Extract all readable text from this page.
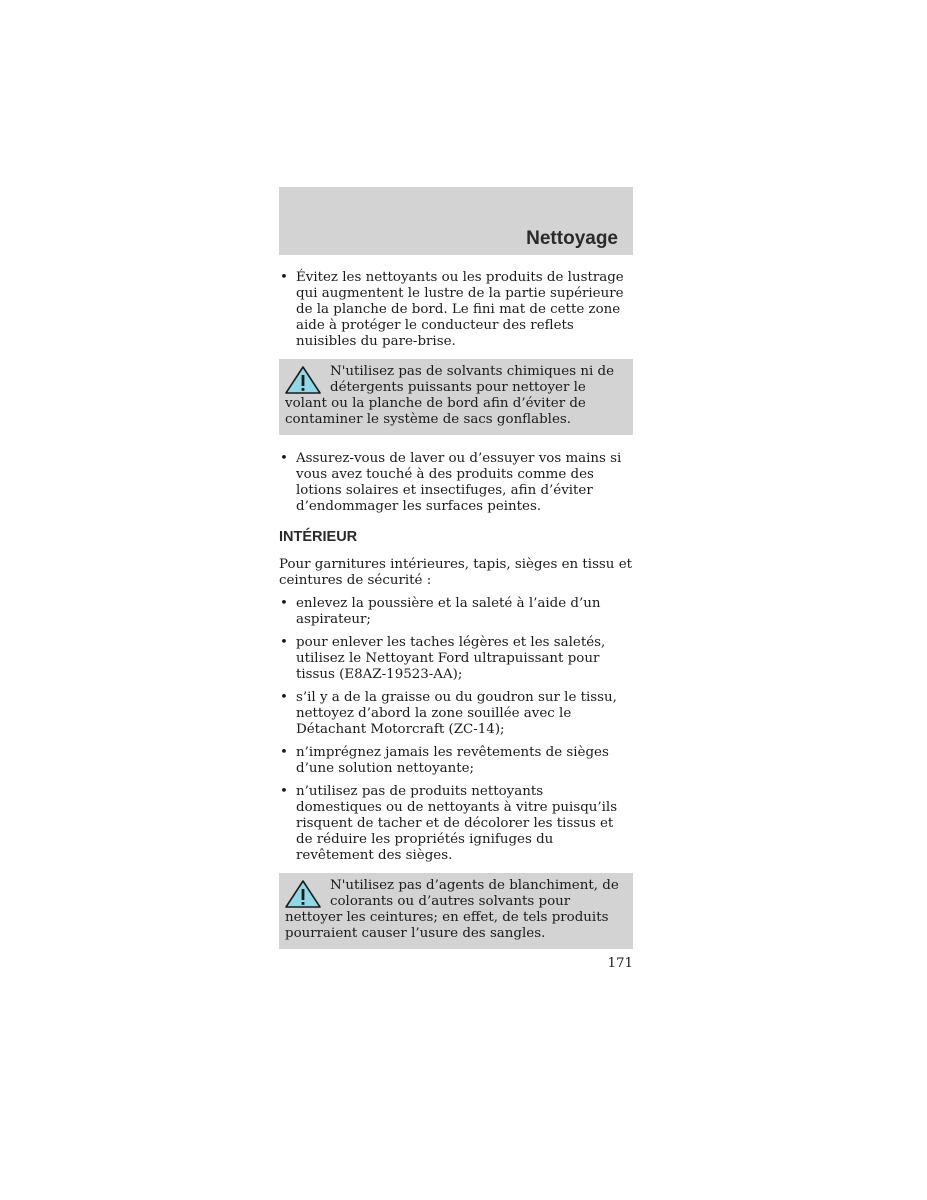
Nettoyage
• Évitez les nettoyants ou les produits de lustrage qui augmentent le lustre de la partie supérieure de la planche de bord. Le fini mat de cette zone aide à protéger le conducteur des reflets nuisibles du pare-brise.
N'utilisez pas de solvants chimiques ni de détergents puissants pour nettoyer le volant ou la planche de bord afin d’éviter de contaminer le système de sacs gonflables.
• Assurez-vous de laver ou d’essuyer vos mains si vous avez touché à des produits comme des lotions solaires et insectifuges, afin d’éviter d’endommager les surfaces peintes.
INTÉRIEUR

Pour garnitures intérieures, tapis, sièges en tissu et ceintures de sécurité :

• enlevez la poussière et la saleté à l’aide d’un aspirateur;
• pour enlever les taches légères et les saletés, utilisez le Nettoyant Ford ultrapuissant pour tissus (E8AZ-19523-AA);
• s’il y a de la graisse ou du goudron sur le tissu, nettoyez d’abord la zone souillée avec le Détachant Motorcraft (ZC-14);
• n’imprégnez jamais les revêtements de sièges d’une solution nettoyante;
• n’utilisez pas de produits nettoyants domestiques ou de nettoyants à vitre puisqu’ils risquent de tacher et de décolorer les tissus et de réduire les propriétés ignifuges du revêtement des sièges.
N'utilisez pas d’agents de blanchiment, de colorants ou d’autres solvants pour nettoyer les ceintures; en effet, de tels produits pourraient causer l’usure des sangles.
171
